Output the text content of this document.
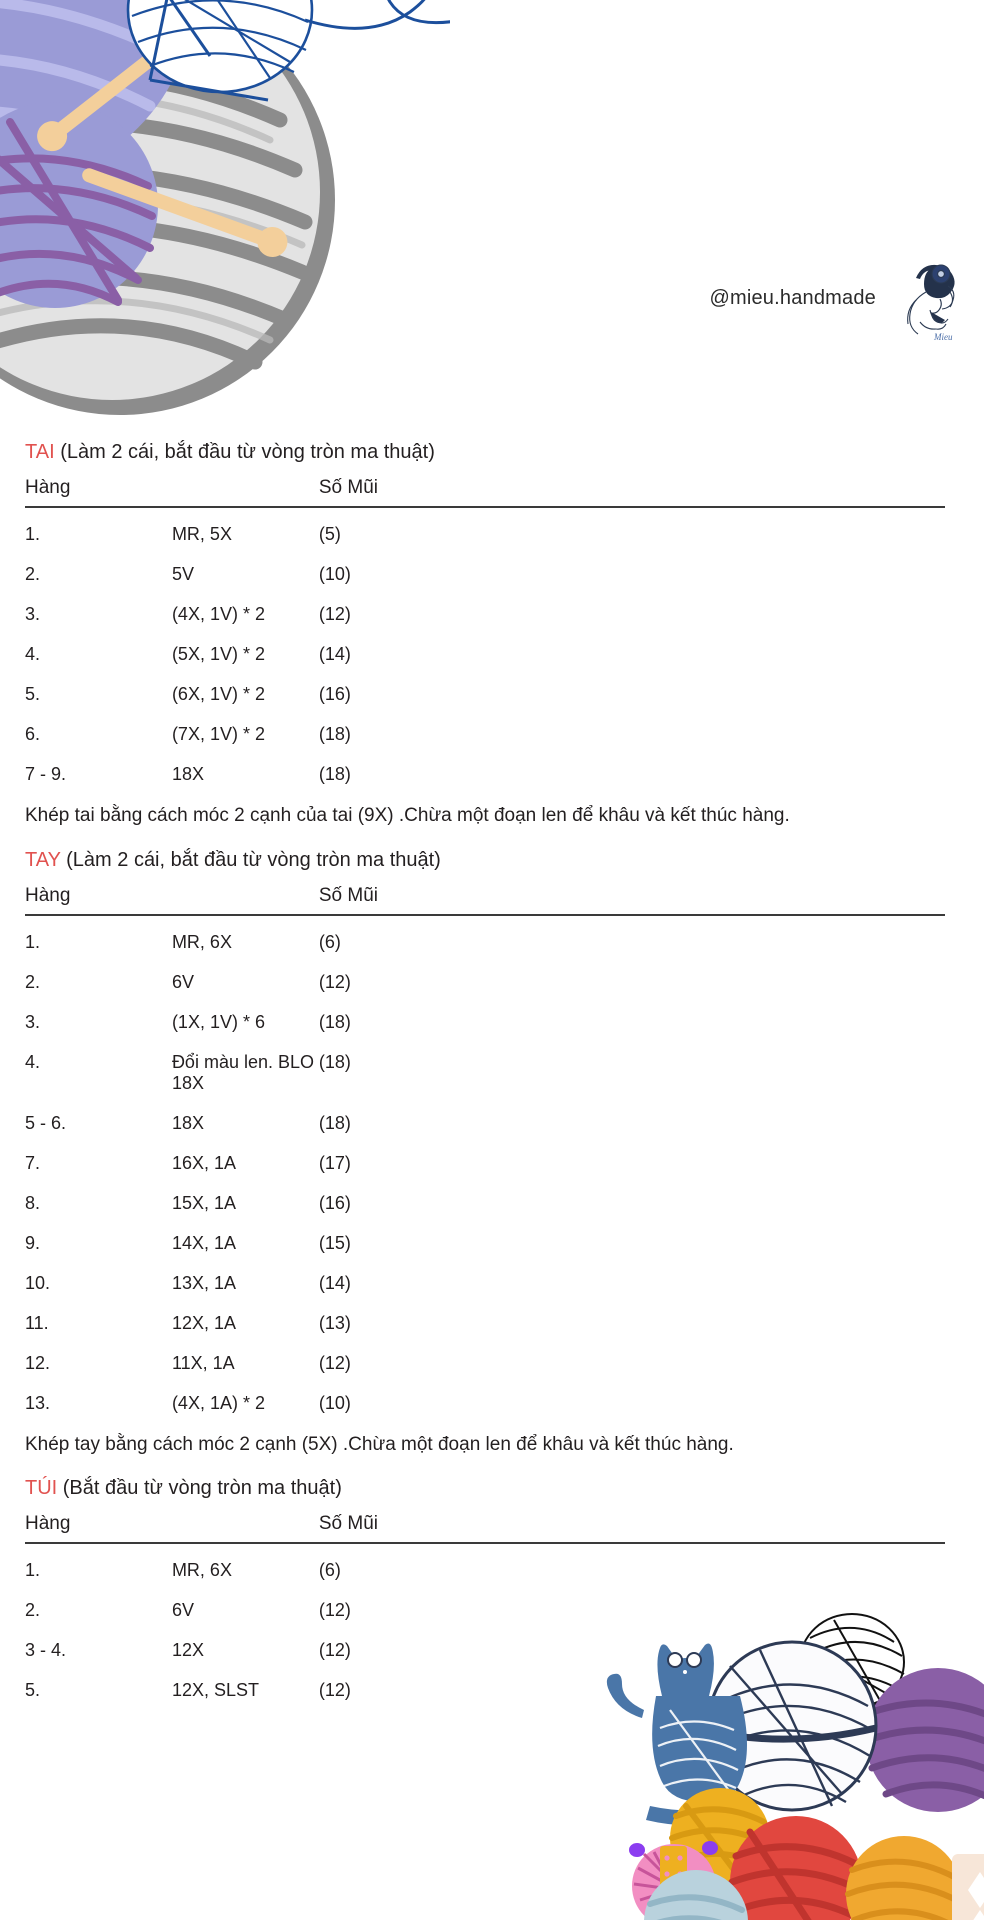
@mieu.handmade
Mieu
TAI (Làm 2 cái, bắt đầu từ vòng tròn ma thuật)
Hàng		Số Mũi
1.	MR, 5X	(5)
2.	5V	(10)
3.	(4X, 1V) * 2	(12)
4.	(5X, 1V) * 2	(14)
5.	(6X, 1V) * 2	(16)
6.	(7X, 1V) * 2	(18)
7 - 9.	18X	(18)
Khép tai bằng cách móc 2 cạnh của tai (9X) .Chừa một đoạn len để khâu và kết thúc hàng.
TAY (Làm 2 cái, bắt đầu từ vòng tròn ma thuật)
Hàng		Số Mũi
1.	MR, 6X	(6)
2.	6V	(12)
3.	(1X, 1V) * 6	(18)
4.	Đổi màu len. BLO 18X	(18)
5 - 6.	18X	(18)
7.	16X, 1A	(17)
8.	15X, 1A	(16)
9.	14X, 1A	(15)
10.	13X, 1A	(14)
11.	12X, 1A	(13)
12.	11X, 1A	(12)
13.	(4X, 1A) * 2	(10)
Khép tay bằng cách móc 2 cạnh (5X) .Chừa một đoạn len để khâu và kết thúc hàng.
TÚI (Bắt đầu từ vòng tròn ma thuật)
Hàng		Số Mũi
1.	MR, 6X	(6)
2.	6V	(12)
3 - 4.	12X	(12)
5.	12X, SLST	(12)
